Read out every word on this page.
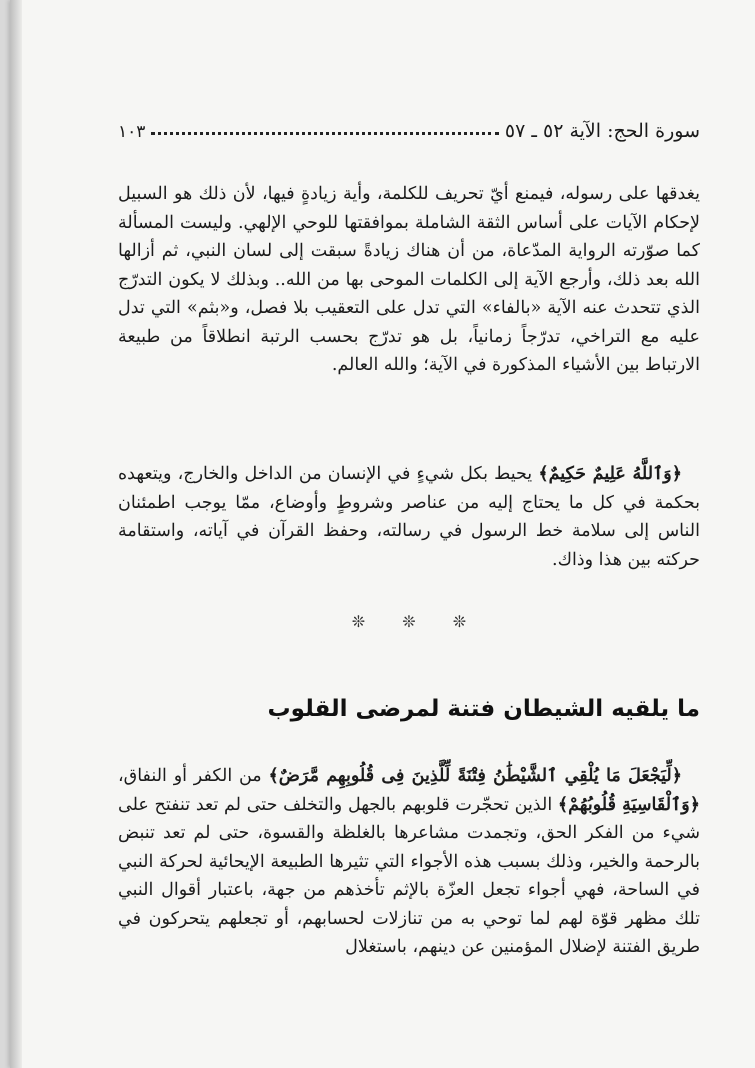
سورة الحج: الآية ٥٢ ـ ٥٧
١٠٣

يغدقها على رسوله، فيمنع أيّ تحريف للكلمة، وأية زيادةٍ فيها، لأن ذلك هو السبيل لإحكام الآيات على أساس الثقة الشاملة بموافقتها للوحي الإلهي. وليست المسألة كما صوّرته الرواية المدّعاة، من أن هناك زيادةً سبقت إلى لسان النبي، ثم أزالها الله بعد ذلك، وأرجع الآية إلى الكلمات الموحى بها من الله.. وبذلك لا يكون التدرّج الذي تتحدث عنه الآية «بالفاء» التي تدل على التعقيب بلا فصل، و«بثم» التي تدل عليه مع التراخي، تدرّجاً زمانياً، بل هو تدرّج بحسب الرتبة انطلاقاً من طبيعة الارتباط بين الأشياء المذكورة في الآية؛ والله العالم.

﴿وَٱللَّهُ عَلِيمٌ حَكِيمٌ﴾ يحيط بكل شيءٍ في الإنسان من الداخل والخارج، ويتعهده بحكمة في كل ما يحتاج إليه من عناصر وشروطٍ وأوضاع، ممّا يوجب اطمئنان الناس إلى سلامة خط الرسول في رسالته، وحفظ القرآن في آياته، واستقامة حركته بين هذا وذاك.

❊ ❊ ❊
ما يلقيه الشيطان فتنة لمرضى القلوب

﴿لِّيَجْعَلَ مَا يُلْقِي ٱلشَّيْطَٰنُ فِتْنَةً لِّلَّذِينَ فِى قُلُوبِهِم مَّرَضٌ﴾ من الكفر أو النفاق، ﴿وَٱلْقَاسِيَةِ قُلُوبُهُمْ﴾ الذين تحجّرت قلوبهم بالجهل والتخلف حتى لم تعد تنفتح على شيء من الفكر الحق، وتجمدت مشاعرها بالغلظة والقسوة، حتى لم تعد تنبض بالرحمة والخير، وذلك بسبب هذه الأجواء التي تثيرها الطبيعة الإيحائية لحركة النبي في الساحة، فهي أجواء تجعل العزّة بالإثم تأخذهم من جهة، باعتبار أقوال النبي تلك مظهر قوّة لهم لما توحي به من تنازلات لحسابهم، أو تجعلهم يتحركون في طريق الفتنة لإضلال المؤمنين عن دينهم، باستغلال
